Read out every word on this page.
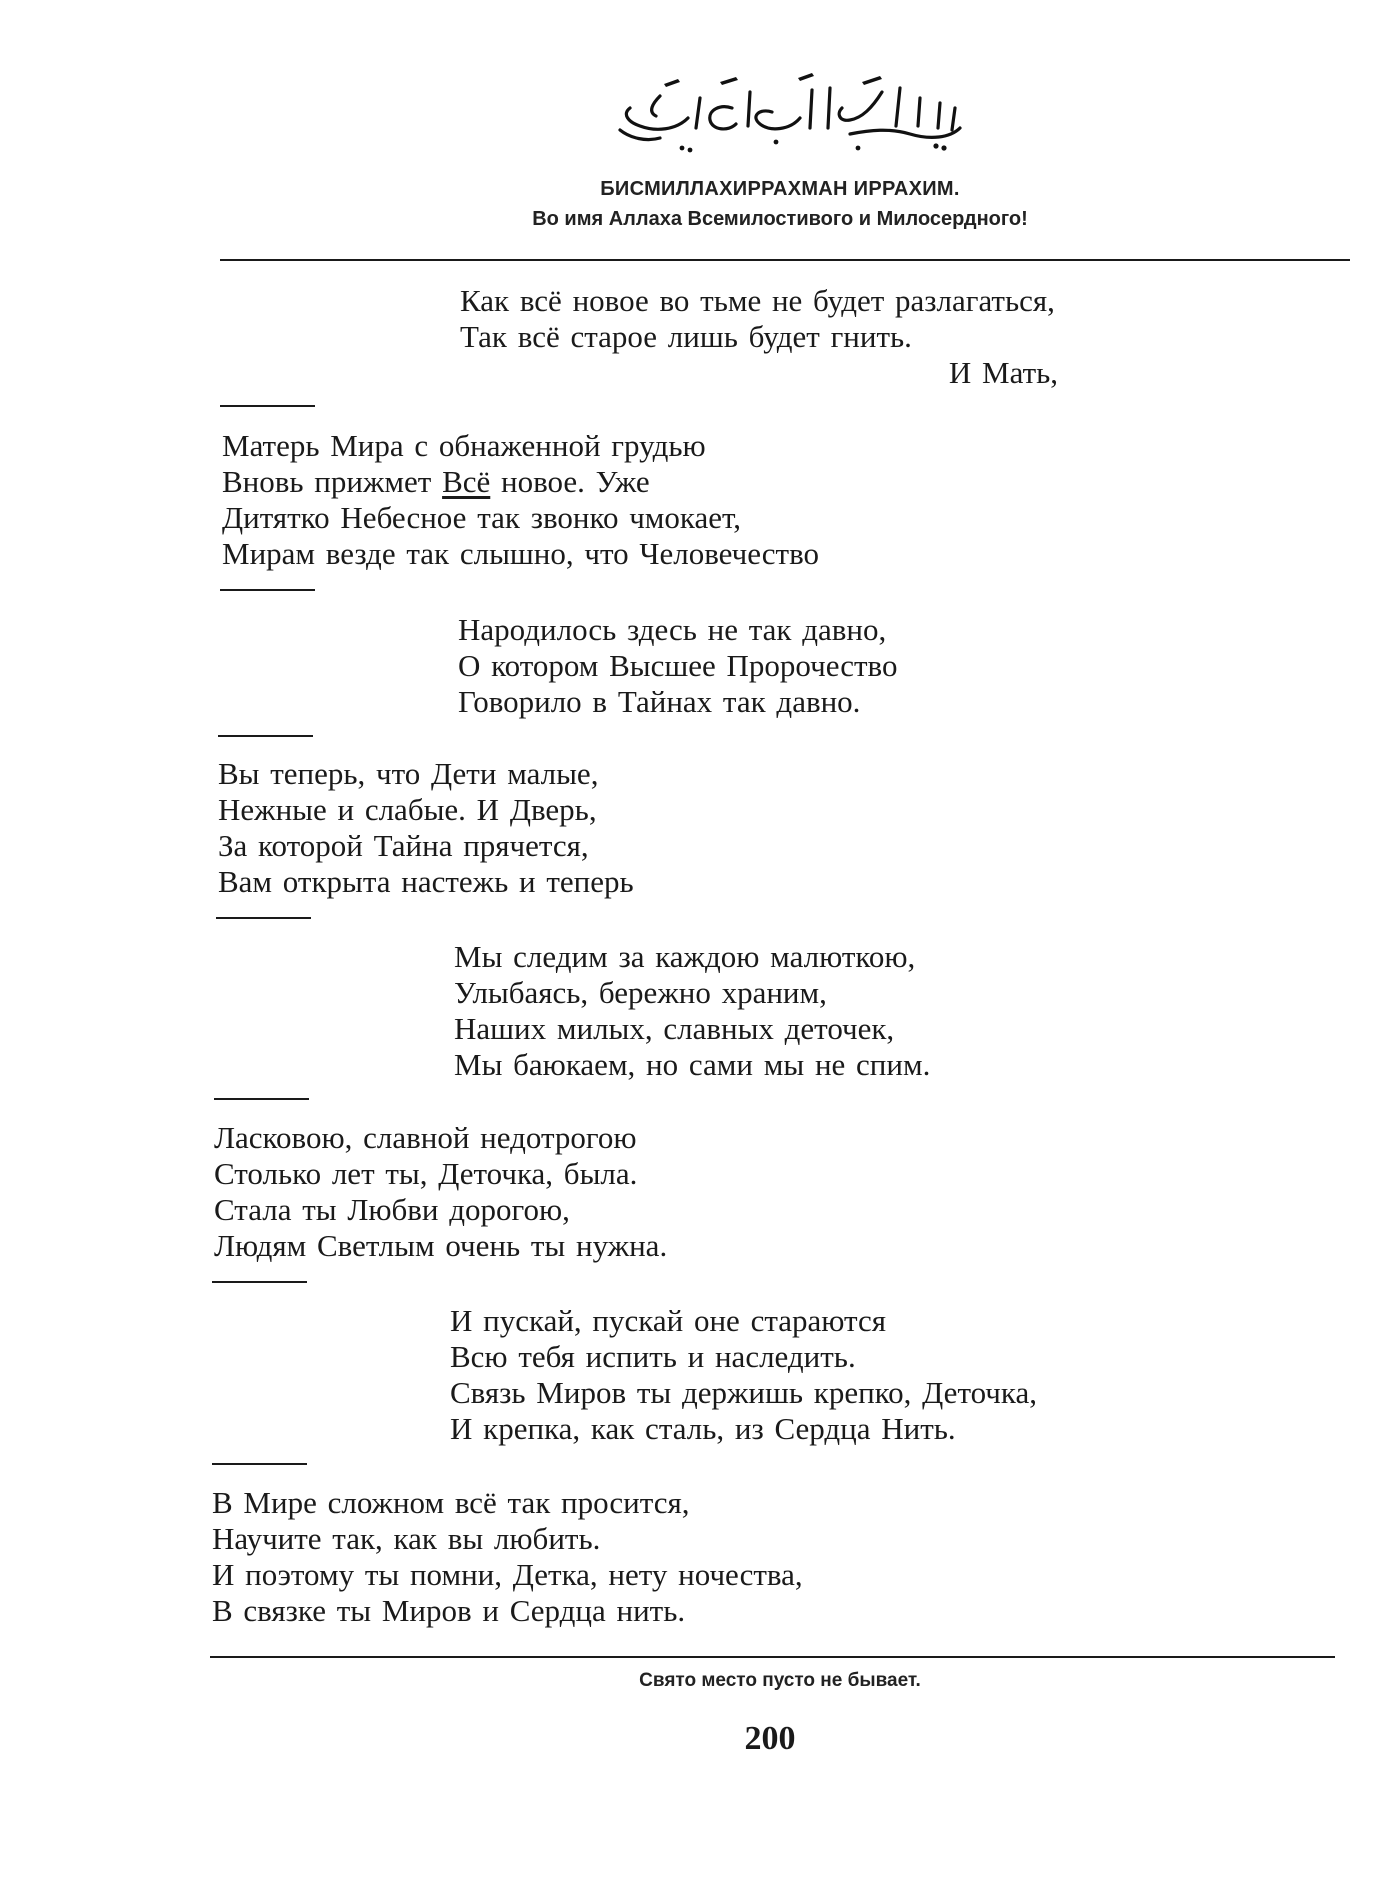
БИСМИЛЛАХИРРАХМАН ИРРАХИМ.
Во имя Аллаха Всемилостивого и Милосердного!
Как всё новое во тьме не будет разлагаться,
Так всё старое лишь будет гнить.
И Мать,
Матерь Мира с обнаженной грудью
Вновь прижмет Всё новое. Уже
Дитятко Небесное так звонко чмокает,
Мирам везде так слышно, что Человечество
Народилось здесь не так давно,
О котором Высшее Пророчество
Говорило в Тайнах так давно.
Вы теперь, что Дети малые,
Нежные и слабые. И Дверь,
За которой Тайна прячется,
Вам открыта настежь и теперь
Мы следим за каждою малюткою,
Улыбаясь, бережно храним,
Наших милых, славных деточек,
Мы баюкаем, но сами мы не спим.
Ласковою, славной недотрогою
Столько лет ты, Деточка, была.
Стала ты Любви дорогою,
Людям Светлым очень ты нужна.
И пускай, пускай оне стараются
Всю тебя испить и наследить.
Связь Миров ты держишь крепко, Деточка,
И крепка, как сталь, из Сердца Нить.
В Мире сложном всё так просится,
Научите так, как вы любить.
И поэтому ты помни, Детка, нету ночества,
В связке ты Миров и Сердца нить.
Свято место пусто не бывает.
200
